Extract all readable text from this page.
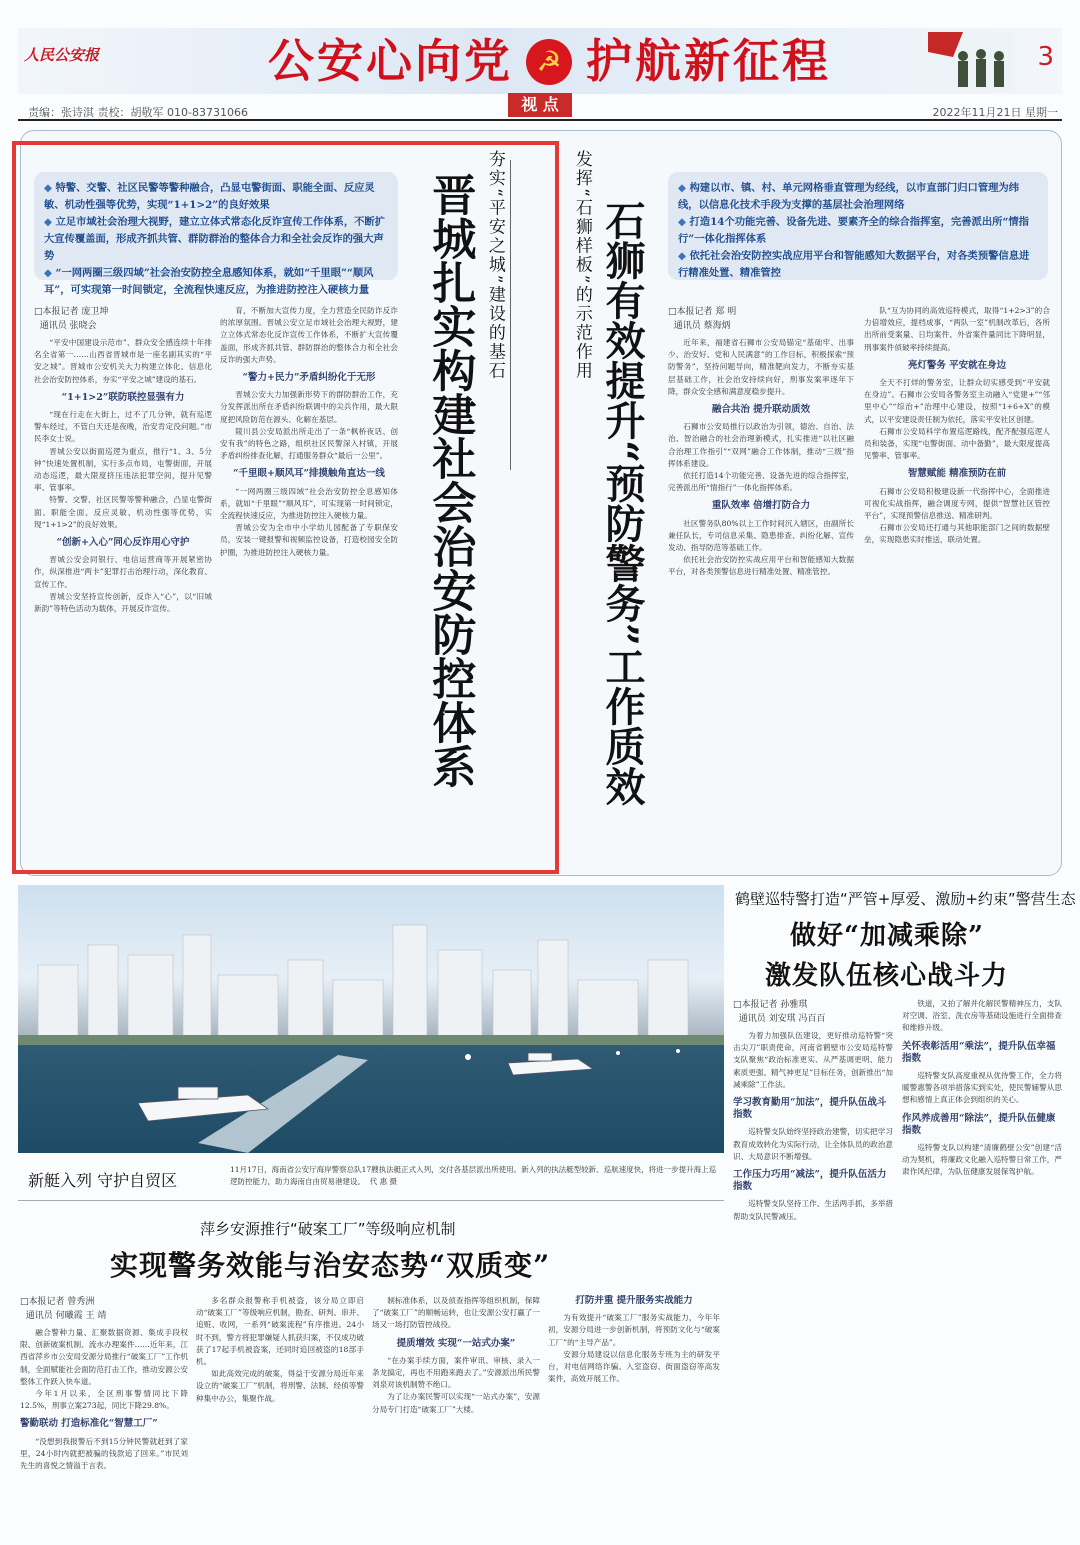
人民公安报	公安心向党 ☭ 护航新征程	3
责编：张诗淇 责校：胡敬军 010-83731066	视 点	2022年11月21日 星期一

◆ 特警、交警、社区民警等警种融合，凸显屯警街面、职能全面、反应灵敏、机动性强等优势，实现“1+1>2”的良好效果

◆ 立足市域社会治理大视野，建立立体式常态化反诈宣传工作体系，不断扩大宣传覆盖面，形成齐抓共管、群防群治的整体合力和全社会反诈的强大声势

◆ “一网两圈三级四域”社会治安防控全息感知体系，就如“千里眼”“顺风耳”，可实现第一时间锁定，全流程快速反应，为推进防控注入硬核力量	夯实“平安之城”建设的基石
晋城扎实构建社会治安防控体系
□本报记者 庞卫坤
通讯员 张晓会

“平安中国建设示范市”、群众安全感连续十年排名全省第一……山西省晋城市是一座名副其实的“平安之城”。晋城市公安机关大力构建立体化、信息化社会治安防控体系，夯实“平安之城”建设的基石。

“1+1>2”联防联控显强有力

“现在行走在大街上，过不了几分钟，就有巡逻警车经过，不管白天还是夜晚，治安肯定没问题。”市民李女士说。

晋城公安以街面巡逻为重点，推行“1、3、5分钟”快速处置机制，实行多点布局，屯警街面，开展动态巡逻，最大限度挤压违法犯罪空间，提升见警率、管事率。

特警、交警、社区民警等警种融合，凸显屯警街面、职能全面、反应灵敏、机动性强等优势，实现“1+1>2”的良好效果。

“创新+入心”同心反诈用心守护

晋城公安会同银行、电信运营商等开展紧密协作，纵深推进“两卡”犯罪打击治理行动，深化教育、宣传工作。

晋城公安坚持宣传创新，反诈入“心”，以“旧城新韵”等特色活动为载体，开展反诈宣传。

育，不断加大宣传力度，全力营造全民防诈反诈的浓厚氛围。晋城公安立足市域社会治理大视野，建立立体式常态化反诈宣传工作体系，不断扩大宣传覆盖面，形成齐抓共管、群防群治的整体合力和全社会反诈的强大声势。

“警力+民力”矛盾纠纷化于无形

晋城公安大力加强新形势下的群防群治工作，充分发挥派出所在矛盾纠纷联调中的尖兵作用，最大限度把风险防范在源头、化解在基层。

陵川县公安局派出所走出了一条“枫桥夜话、创安有我”的特色之路，组织社区民警深入村镇，开展矛盾纠纷排查化解，打通服务群众“最后一公里”。

“千里眼+顺风耳”排摸触角直达一线

“一网两圈三级四域”社会治安防控全息感知体系，就如“千里眼”“顺风耳”，可实现第一时间锁定，全流程快速反应，为推进防控注入硬核力量。

晋城公安为全市中小学幼儿园配备了专职保安员，安装一键报警和视频监控设备，打造校园安全防护圈，为推进防控注入硬核力量。

发挥“石狮样板”的示范作用 石狮有效提升“预防警务”工作质效

◆ 构建以市、镇、村、单元网格垂直管理为经线，以市直部门归口管理为纬线，以信息化技术手段为支撑的基层社会治理网络

◆ 打造14个功能完善、设备先进、要素齐全的综合指挥室，完善派出所“情指行”一体化指挥体系

◆ 依托社会治安防控实战应用平台和智能感知大数据平台，对各类预警信息进行精准处置、精准管控

□本报记者 郑 明
通讯员 蔡海炳

近年来，福建省石狮市公安局锚定“基础牢、出事少、治安好、党和人民满意”的工作目标，积极探索“预防警务”，坚持问题导向，精准靶向发力，不断夯实基层基础工作，社会治安持续向好，刑事发案率逐年下降，群众安全感和满意度稳步提升。

融合共治 提升联动质效

石狮市公安局推行以政治为引领，德治、自治、法治、智治融合的社会治理新模式，扎实推进“以社区融合治理工作指引”“双网”融合工作体制，推动“三级”指挥体系建设。

依托打造14个功能完善、设备先进的综合指挥室，完善派出所“情指行”一体化指挥体系。

重队效率 倍增打防合力

社区警务队80%以上工作时间沉入辖区，由副所长兼任队长，专司信息采集、隐患排查、纠纷化解、宣传发动、指导防范等基础工作。

依托社会治安防控实战应用平台和智能感知大数据平台，对各类预警信息进行精准处置、精准管控。

队“互为协同的高效巡特模式，取得“1+2>3”的合力倍增效应，提档成事，“两队一室”机制改革后，各所出所前受案量、日均案件、外省案件量同比下降明显，刑事案件侦破率持续提高。

亮灯警务 平安就在身边

全天不打烊的警务室，让群众切实感受到“平安就在身边”。石狮市公安局各警务室主动融入“党建+”“邻里中心”“综治+”治理中心建设，按照“1+6+X”的模式，以平安建设责任制为依托，落实平安社区创建。

石狮市公安局科学布置巡逻路线，配齐配强巡逻人员和装备，实现“屯警街面、动中备勤”，最大限度提高见警率、管事率。

智慧赋能 精准预防在前

石狮市公安局积极建设新一代指挥中心，全面推进可视化实战指挥，融合调度专网，提供“智慧社区管控平台”，实现预警信息推送、精准研判。

石狮市公安局还打通与其他职能部门之间的数据壁垒，实现隐患实时推送，联动处置。

新艇入列 守护自贸区
11月17日，海南省公安厅海岸警察总队17艘执法艇正式入列，交付各基层派出所使用。新入列的执法艇型较新、巡航速度快，将进一步提升海上巡逻防控能力，助力海南自由贸易港建设。 代 惠 摄
鹤壁巡特警打造“严管+厚爱、激励+约束”警营生态
做好“加减乘除”
激发队伍核心战斗力
□本报记者 孙雅琪
通讯员 刘安琪 冯百百

为着力加强队伍建设，更好推动巡特警“突击尖刀”职责使命，河南省鹤壁市公安局巡特警支队聚焦“政治标准更实、从严基调更明、能力素质更强、精气神更足”目标任务，创新推出“加减乘除”工作法。

学习教育勤用“加法”，提升队伍战斗指数

巡特警支队始终坚持政治建警，切实把学习教育成效转化为实际行动，让全体队员的政治意识、大局意识不断增强。

工作压力巧用“减法”，提升队伍活力指数

巡特警支队坚持工作、生活两手抓，多举措帮助支队民警减压。

铁道，又拍了解并化解民警精神压力，支队对空调、浴室、洗衣房等基础设施进行全面排查和维修升级。

关怀表彰活用“乘法”，提升队伍幸福指数

巡特警支队高度重视从优待警工作，全力将暖警惠警各项举措落实到实处，使民警辅警从思想和感情上真正体会到组织的关心。

作风养成善用“除法”，提升队伍健康指数

巡特警支队以构建“清廉鹤壁公安”创建“活动为契机，将廉政文化融入巡特警日常工作，严肃作风纪律，为队伍健康发展保驾护航。

萍乡安源推行“破案工厂”等级响应机制
实现警务效能与治安态势“双质变”
□本报记者 曾秀洲
通讯员 何曦霞 王 靖

融合警种力量、汇聚数据资源、集成手段权限、创新破案机制、流水办理案件……近年来，江西省萍乡市公安局安源分局推行“破案工厂”工作机制，全面赋能社会面防范打击工作，推动安源公安整体工作跃入快车道。

今年1月以来，全区刑事警情同比下降12.5%，刑事立案273起，同比下降29.8%。

警勤联动 打造标准化“智慧工厂”

“没想到我报警后不到15分钟民警就赶到了家里，24小时内就把被骗的钱款追了回来。”市民刘先生的喜悦之情溢于言表。

多名群众报警称手机被盗，该分局立即启动“破案工厂”等级响应机制，勘查、研判、串并、追赃、收网，一系列“破案流程”有序推进。24小时不到，警方将犯罪嫌疑人抓获归案，不仅成功破获了17起手机被盗案，还同时追回被盗的18部手机。

如此高效完成的破案，得益于安源分局近年来设立的“破案工厂”机制，将刑警、法制、经侦等警种集中办公，集聚作战。

制标准体系，以及侦查指挥等组织机制，保障了“破案工厂”的顺畅运转，也让安源公安打赢了一场又一场打防管控战役。

提质增效 实现“一站式办案”

“在办案手续方面，案件审讯、审核、录入一条龙搞定，再也不用跑来跑去了。”安源派出所民警刘泉对该机制赞不绝口。

为了让办案民警可以实现“一站式办案”，安源分局专门打造“破案工厂”大楼。

打防并重 提升服务实战能力

为有效提升“破案工厂”服务实战能力，今年年初，安源分局进一步创新机制，将预防文化与“破案工厂”的“主导产品”。

安源分局建设以信息化服务专班为主的研发平台，对电信网络诈骗、入室盗窃、街面盗窃等高发案件，高效开展工作。
